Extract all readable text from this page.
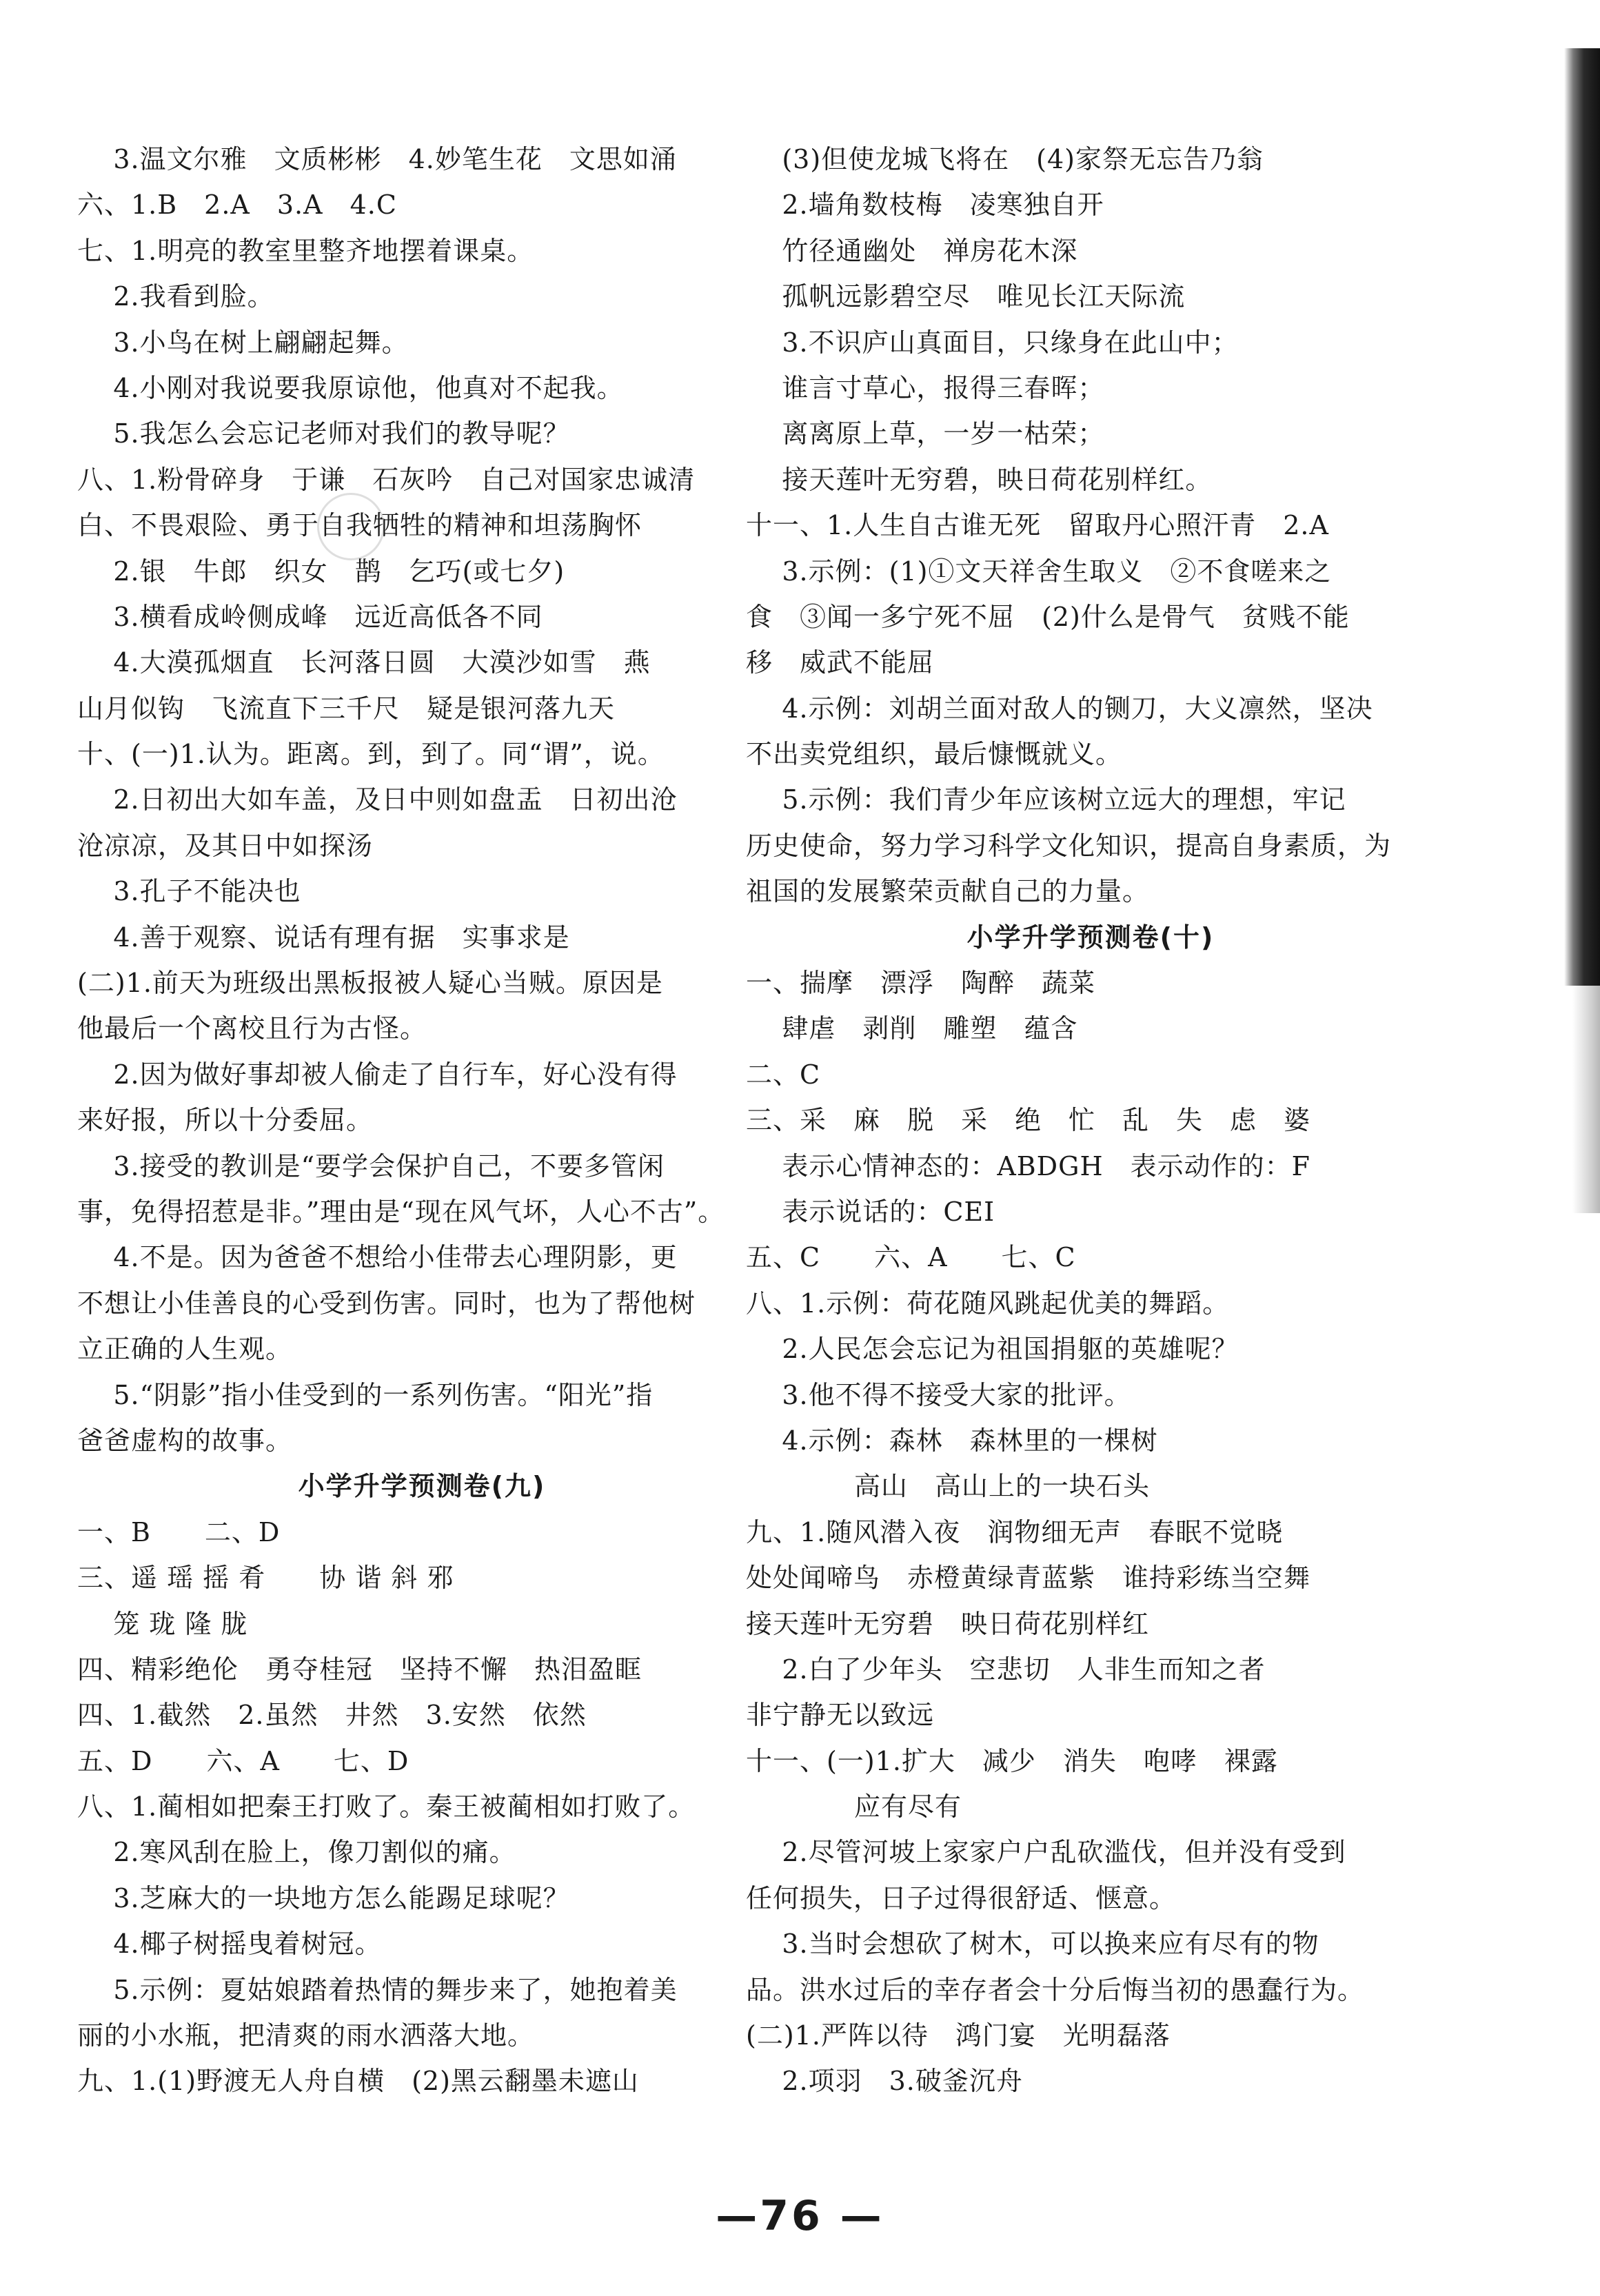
3.温文尔雅　文质彬彬　4.妙笔生花　文思如涌
六、1.B　2.A　3.A　4.C
七、1.明亮的教室里整齐地摆着课桌。
2.我看到脸。
3.小鸟在树上翩翩起舞。
4.小刚对我说要我原谅他，他真对不起我。
5.我怎么会忘记老师对我们的教导呢？
八、1.粉骨碎身　于谦　石灰吟　自己对国家忠诚清
白、不畏艰险、勇于自我牺牲的精神和坦荡胸怀
2.银　牛郎　织女　鹊　乞巧(或七夕)
3.横看成岭侧成峰　远近高低各不同
4.大漠孤烟直　长河落日圆　大漠沙如雪　燕
山月似钩　飞流直下三千尺　疑是银河落九天
十、(一)1.认为。距离。到，到了。同“谓”，说。
2.日初出大如车盖，及日中则如盘盂　日初出沧
沧凉凉，及其日中如探汤
3.孔子不能决也
4.善于观察、说话有理有据　实事求是
(二)1.前天为班级出黑板报被人疑心当贼。原因是
他最后一个离校且行为古怪。
2.因为做好事却被人偷走了自行车，好心没有得
来好报，所以十分委屈。
3.接受的教训是“要学会保护自己，不要多管闲
事，免得招惹是非。”理由是“现在风气坏，人心不古”。
4.不是。因为爸爸不想给小佳带去心理阴影，更
不想让小佳善良的心受到伤害。同时，也为了帮他树
立正确的人生观。
5.“阴影”指小佳受到的一系列伤害。“阳光”指
爸爸虚构的故事。
小学升学预测卷(九)
一、B　　二、D
三、遥 瑶 摇 肴　　协 谐 斜 邪
笼 珑 隆 胧
四、精彩绝伦　勇夺桂冠　坚持不懈　热泪盈眶
四、1.截然　2.虽然　井然　3.安然　依然
五、D　　六、A　　七、D
八、1.蔺相如把秦王打败了。秦王被蔺相如打败了。
2.寒风刮在脸上，像刀割似的痛。
3.芝麻大的一块地方怎么能踢足球呢？
4.椰子树摇曳着树冠。
5.示例：夏姑娘踏着热情的舞步来了，她抱着美
丽的小水瓶，把清爽的雨水洒落大地。
九、1.(1)野渡无人舟自横　(2)黑云翻墨未遮山
(3)但使龙城飞将在　(4)家祭无忘告乃翁
2.墙角数枝梅　凌寒独自开
竹径通幽处　禅房花木深
孤帆远影碧空尽　唯见长江天际流
3.不识庐山真面目，只缘身在此山中；
谁言寸草心，报得三春晖；
离离原上草，一岁一枯荣；
接天莲叶无穷碧，映日荷花别样红。
十一、1.人生自古谁无死　留取丹心照汗青　2.A
3.示例：(1)①文天祥舍生取义　②不食嗟来之
食　③闻一多宁死不屈　(2)什么是骨气　贫贱不能
移　威武不能屈
4.示例：刘胡兰面对敌人的铡刀，大义凛然，坚决
不出卖党组织，最后慷慨就义。
5.示例：我们青少年应该树立远大的理想，牢记
历史使命，努力学习科学文化知识，提高自身素质，为
祖国的发展繁荣贡献自己的力量。
小学升学预测卷(十)
一、揣摩　漂浮　陶醉　蔬菜
肆虐　剥削　雕塑　蕴含
二、C
三、采　麻　脱　采　绝　忙　乱　失　虑　婆
表示心情神态的：ABDGH　表示动作的：F
表示说话的：CEI
五、C　　六、A　　七、C
八、1.示例：荷花随风跳起优美的舞蹈。
2.人民怎会忘记为祖国捐躯的英雄呢？
3.他不得不接受大家的批评。
4.示例：森林　森林里的一棵树
高山　高山上的一块石头
九、1.随风潜入夜　润物细无声　春眠不觉晓
处处闻啼鸟　赤橙黄绿青蓝紫　谁持彩练当空舞
接天莲叶无穷碧　映日荷花别样红
2.白了少年头　空悲切　人非生而知之者
非宁静无以致远
十一、(一)1.扩大　减少　消失　咆哮　裸露
应有尽有
2.尽管河坡上家家户户乱砍滥伐，但并没有受到
任何损失，日子过得很舒适、惬意。
3.当时会想砍了树木，可以换来应有尽有的物
品。洪水过后的幸存者会十分后悔当初的愚蠢行为。
(二)1.严阵以待　鸿门宴　光明磊落
2.项羽　3.破釜沉舟
—76 —
